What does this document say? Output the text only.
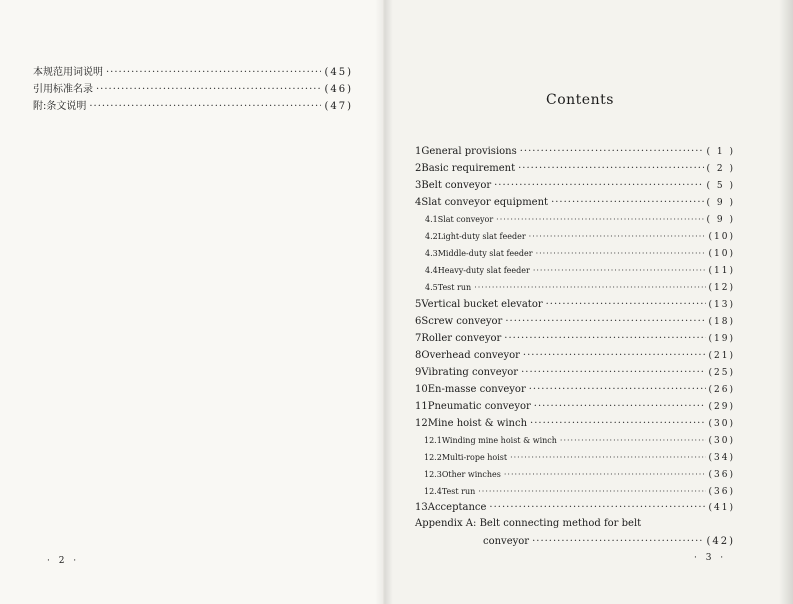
本规范用词说明 ·····	(45)
引用标准名录 ·····	(46)
附:条文说明 ·····	(47)
· 2 ·
Contents
1 General provisions ·····	( 1 )
2 Basic requirement ·····	( 2 )
3 Belt conveyor ·····	( 5 )
4 Slat conveyor equipment ·····	( 9 )
4.1 Slat conveyor ·····	( 9 )
4.2 Light-duty slat feeder ·····	(10)
4.3 Middle-duty slat feeder ·····	(10)
4.4 Heavy-duty slat feeder ·····	(11)
4.5 Test run ·····	(12)
5 Vertical bucket elevator ·····	(13)
6 Screw conveyor ·····	(18)
7 Roller conveyor ·····	(19)
8 Overhead conveyor ·····	(21)
9 Vibrating conveyor ·····	(25)
10 En-masse conveyor ·····	(26)
11 Pneumatic conveyor ·····	(29)
12 Mine hoist & winch ·····	(30)
12.1 Winding mine hoist & winch ·····	(30)
12.2 Multi-rope hoist ·····	(34)
12.3 Other winches ·····	(36)
12.4 Test run ·····	(36)
13 Acceptance ·····	(41)
Appendix A: Belt connecting method for belt
conveyor ·····	(42)
· 3 ·
